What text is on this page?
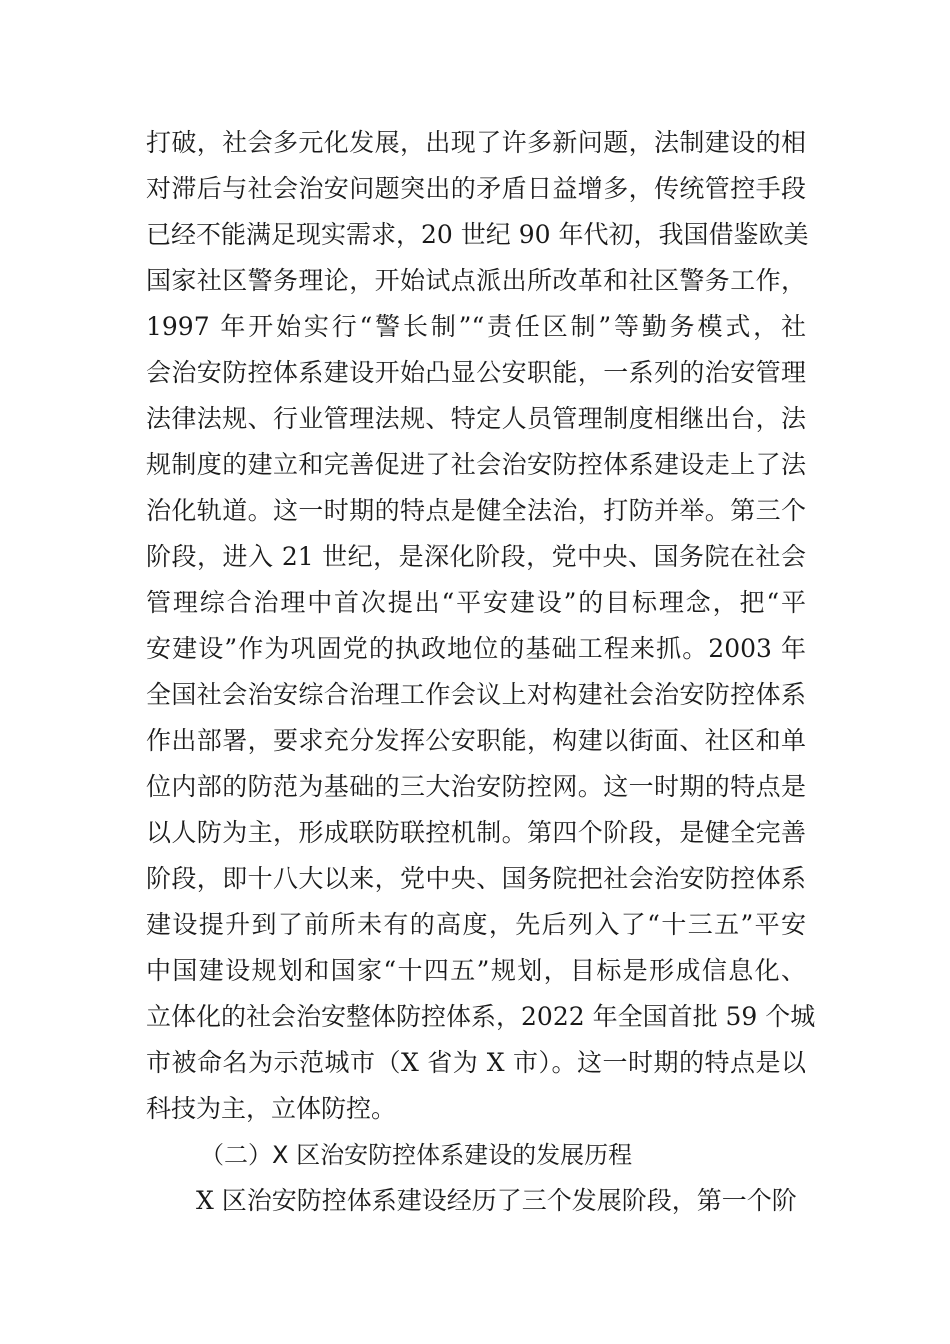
打破，社会多元化发展，出现了许多新问题，法制建设的相
对滞后与社会治安问题突出的矛盾日益增多，传统管控手段
已经不能满足现实需求，20 世纪 90 年代初，我国借鉴欧美
国家社区警务理论，开始试点派出所改革和社区警务工作，
1997 年开始实行“警长制”“责任区制”等勤务模式，社
会治安防控体系建设开始凸显公安职能，一系列的治安管理
法律法规、行业管理法规、特定人员管理制度相继出台，法
规制度的建立和完善促进了社会治安防控体系建设走上了法
治化轨道。这一时期的特点是健全法治，打防并举。第三个
阶段，进入 21 世纪，是深化阶段，党中央、国务院在社会
管理综合治理中首次提出“平安建设”的目标理念，把“平
安建设”作为巩固党的执政地位的基础工程来抓。2003 年
全国社会治安综合治理工作会议上对构建社会治安防控体系
作出部署，要求充分发挥公安职能，构建以街面、社区和单
位内部的防范为基础的三大治安防控网。这一时期的特点是
以人防为主，形成联防联控机制。第四个阶段，是健全完善
阶段，即十八大以来，党中央、国务院把社会治安防控体系
建设提升到了前所未有的高度，先后列入了“十三五”平安
中国建设规划和国家“十四五”规划，目标是形成信息化、
立体化的社会治安整体防控体系，2022 年全国首批 59 个城
市被命名为示范城市（X 省为 X 市）。这一时期的特点是以
科技为主，立体防控。
（二）X 区治安防控体系建设的发展历程
X 区治安防控体系建设经历了三个发展阶段，第一个阶
